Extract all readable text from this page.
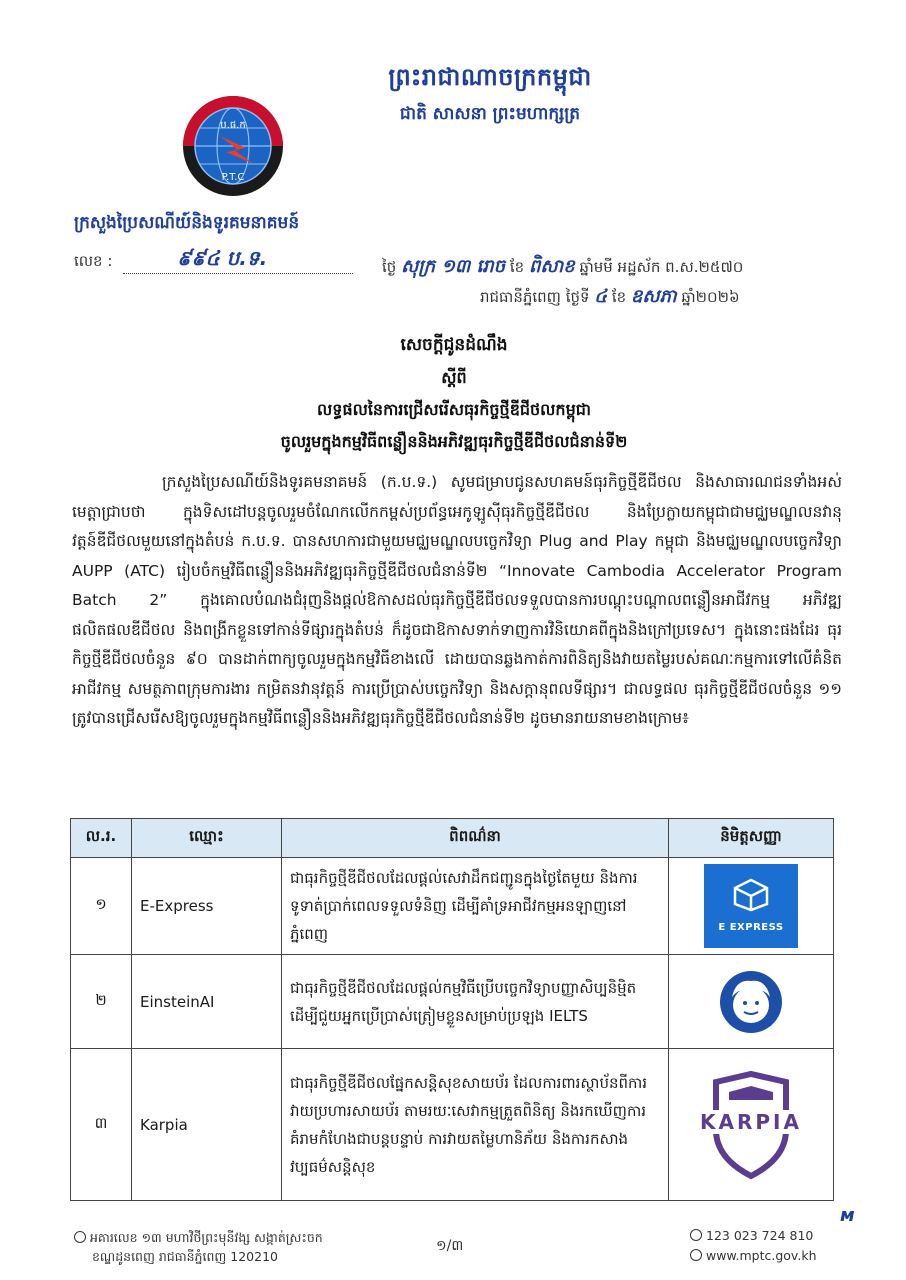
ព្រះរាជាណាចក្រកម្ពុជា
ជាតិ សាសនា ព្រះមហាក្សត្រ
ប.ផ.ក
P.T.C
ក្រសួងប្រៃសណីយ៍និងទូរគមនាគមន៍
លេខ :	៩៩៤ ប.ទ.	ថ្ងៃ សុក្រ ១៣ រោច ខែ ពិសាខ ឆ្នាំមមី អដ្ឋស័ក ព.ស.២៥៧០
រាជធានីភ្នំពេញ ថ្ងៃទី ៤ ខែ ឧសភា ឆ្នាំ២០២៦
សេចក្តីជូនដំណឹង
ស្តីពី
លទ្ធផលនៃការជ្រើសរើសធុរកិច្ចថ្មីឌីជីថលកម្ពុជា
ចូលរួមក្នុងកម្មវិធីពន្លឿននិងអភិវឌ្ឍធុរកិច្ចថ្មីឌីជីថលជំនាន់ទី២

ក្រសួងប្រៃសណីយ៍និងទូរគមនាគមន៍ (ក.ប.ទ.) សូមជម្រាបជូនសហគមន៍ធុរកិច្ចថ្មីឌីជីថល និងសាធារណជនទាំងអស់មេត្តាជ្រាបថា ក្នុងទិសដៅបន្តចូលរួមចំណែកលើកកម្ពស់ប្រព័ន្ធអេកូឡូស៊ីធុរកិច្ចថ្មីឌីជីថល និងប្រែក្លាយកម្ពុជាជាមជ្ឈមណ្ឌលនវានុវត្តន៍ឌីជីថលមួយនៅក្នុងតំបន់ ក.ប.ទ. បានសហការជាមួយមជ្ឈមណ្ឌលបច្ចេកវិទ្យា Plug and Play កម្ពុជា និងមជ្ឈមណ្ឌលបច្ចេកវិទ្យា AUPP (ATC) រៀបចំកម្មវិធីពន្លឿននិងអភិវឌ្ឍធុរកិច្ចថ្មីឌីជីថលជំនាន់ទី២ “Innovate Cambodia Accelerator Program Batch 2” ក្នុងគោលបំណងជំរុញនិងផ្តល់ឱកាសដល់ធុរកិច្ចថ្មីឌីជីថលទទួលបានការបណ្តុះបណ្តាលពន្លឿនអាជីវកម្ម អភិវឌ្ឍផលិតផលឌីជីថល និងពង្រីកខ្លួនទៅកាន់ទីផ្សារក្នុងតំបន់ ក៏ដូចជាឱកាសទាក់ទាញការវិនិយោគពីក្នុងនិងក្រៅប្រទេស។ ក្នុងនោះផងដែរ ធុរកិច្ចថ្មីឌីជីថលចំនួន ៩០ បានដាក់ពាក្យចូលរួមក្នុងកម្មវិធីខាងលើ ដោយបានឆ្លងកាត់ការពិនិត្យនិងវាយតម្លៃរបស់គណៈកម្មការទៅលើគំនិតអាជីវកម្ម សមត្ថភាពក្រុមការងារ កម្រិតនវានុវត្តន៍ ការប្រើប្រាស់បច្ចេកវិទ្យា និងសក្តានុពលទីផ្សារ។ ជាលទ្ធផល ធុរកិច្ចថ្មីឌីជីថលចំនួន ១១ ត្រូវបានជ្រើសរើសឱ្យចូលរួមក្នុងកម្មវិធីពន្លឿននិងអភិវឌ្ឍធុរកិច្ចថ្មីឌីជីថលជំនាន់ទី២ ដូចមានរាយនាមខាងក្រោម៖

ល.រ.	ឈ្មោះ	ពិពណ៌នា	និមិត្តសញ្ញា
១	E-Express	ជាធុរកិច្ចថ្មីឌីជីថលដែលផ្តល់សេវាដឹកជញ្ជូនក្នុងថ្ងៃតែមួយ និងការទូទាត់ប្រាក់ពេលទទួលទំនិញ ដើម្បីគាំទ្រអាជីវកម្មអនឡាញនៅភ្នំពេញ	E EXPRESS

២	EinsteinAI	ជាធុរកិច្ចថ្មីឌីជីថលដែលផ្តល់កម្មវិធីប្រើបច្ចេកវិទ្យាបញ្ញាសិប្បនិម្មិត ដើម្បីជួយអ្នកប្រើប្រាស់ត្រៀមខ្លួនសម្រាប់ប្រឡង IELTS	
៣	Karpia	ជាធុរកិច្ចថ្មីឌីជីថលផ្នែកសន្តិសុខសាយប័រ ដែលការពារស្ថាប័នពីការវាយប្រហារសាយប័រ តាមរយៈសេវាកម្មត្រួតពិនិត្យ និងរកឃើញការគំរាមកំហែងជាបន្តបន្ទាប់ ការវាយតម្លៃហានិភ័យ និងការកសាងវប្បធម៌សន្តិសុខ	KARPIA
អគារលេខ ១៣ មហាវិថីព្រះមុនីវង្ស សង្កាត់ស្រះចក
ខណ្ឌដូនពេញ រាជធានីភ្នំពេញ 120210
១/៣
123 023 724 810
www.mptc.gov.kh
ᴍ
